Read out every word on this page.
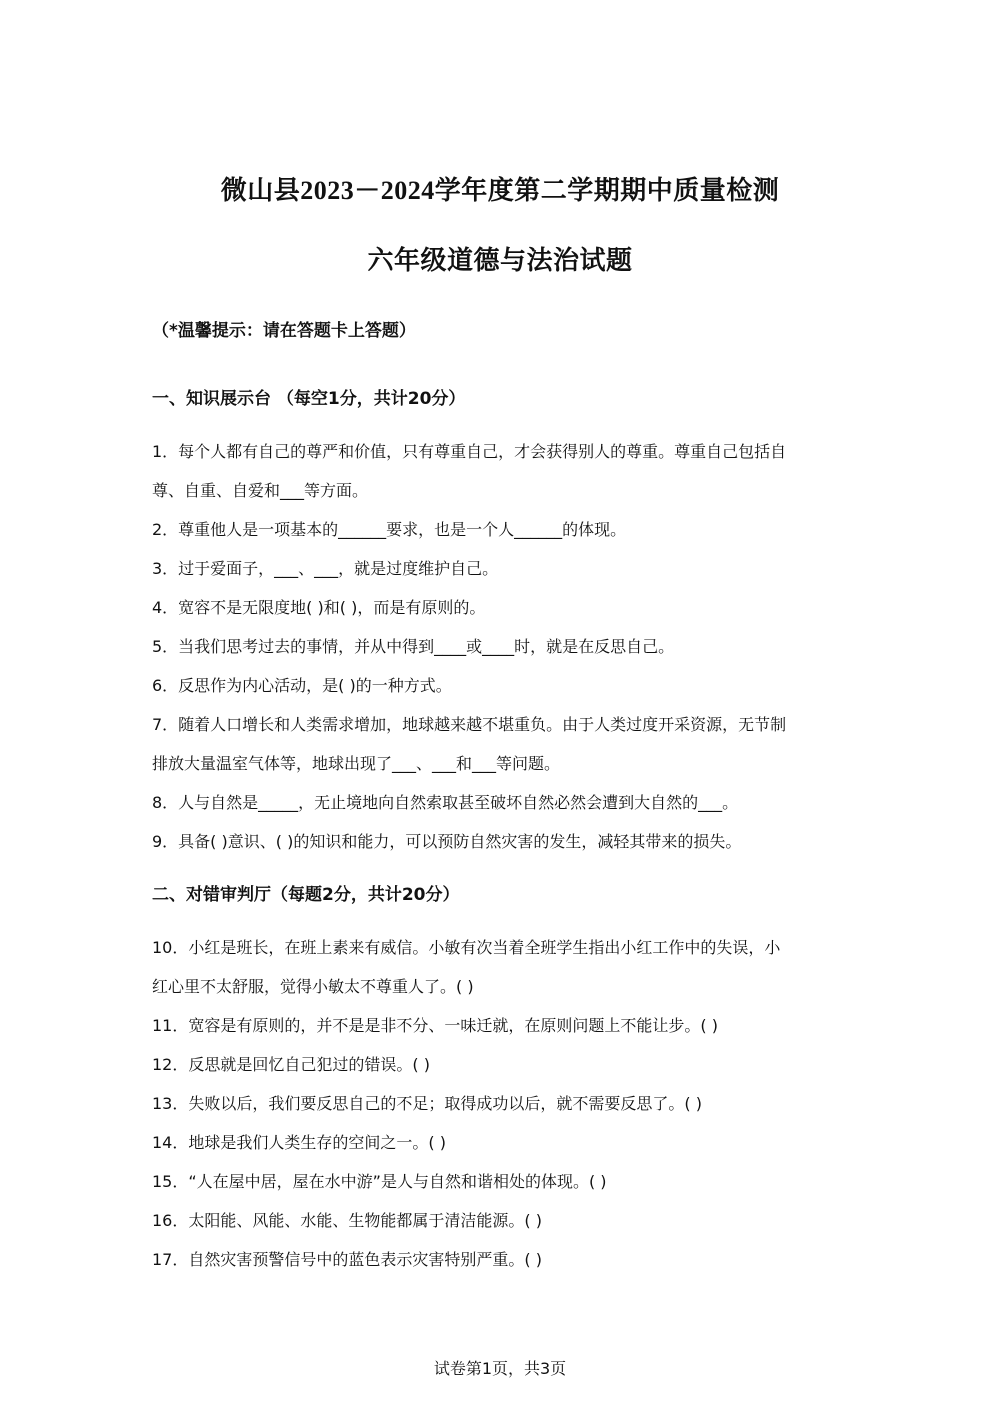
微山县2023－2024学年度第二学期期中质量检测
六年级道德与法治试题
（*温馨提示：请在答题卡上答题）
一、知识展示台 （每空1分，共计20分）
1．每个人都有自己的尊严和价值，只有尊重自己，才会获得别人的尊重。尊重自己包括自
尊、自重、自爱和___等方面。
2．尊重他人是一项基本的______要求，也是一个人______的体现。
3．过于爱面子，___、___，就是过度维护自己。
4．宽容不是无限度地( )和( )，而是有原则的。
5．当我们思考过去的事情，并从中得到____或____时，就是在反思自己。
6．反思作为内心活动，是( )的一种方式。
7．随着人口增长和人类需求增加，地球越来越不堪重负。由于人类过度开采资源，无节制
排放大量温室气体等，地球出现了___、___和___等问题。
8．人与自然是_____，无止境地向自然索取甚至破坏自然必然会遭到大自然的___。
9．具备( )意识、( )的知识和能力，可以预防自然灾害的发生，减轻其带来的损失。
二、对错审判厅（每题2分，共计20分）
10．小红是班长，在班上素来有威信。小敏有次当着全班学生指出小红工作中的失误，小
红心里不太舒服，觉得小敏太不尊重人了。( )
11．宽容是有原则的，并不是是非不分、一味迁就，在原则问题上不能让步。( )
12．反思就是回忆自己犯过的错误。( )
13．失败以后，我们要反思自己的不足；取得成功以后，就不需要反思了。( )
14．地球是我们人类生存的空间之一。( )
15．“人在屋中居，屋在水中游”是人与自然和谐相处的体现。( )
16．太阳能、风能、水能、生物能都属于清洁能源。( )
17．自然灾害预警信号中的蓝色表示灾害特别严重。( )
试卷第1页，共3页
